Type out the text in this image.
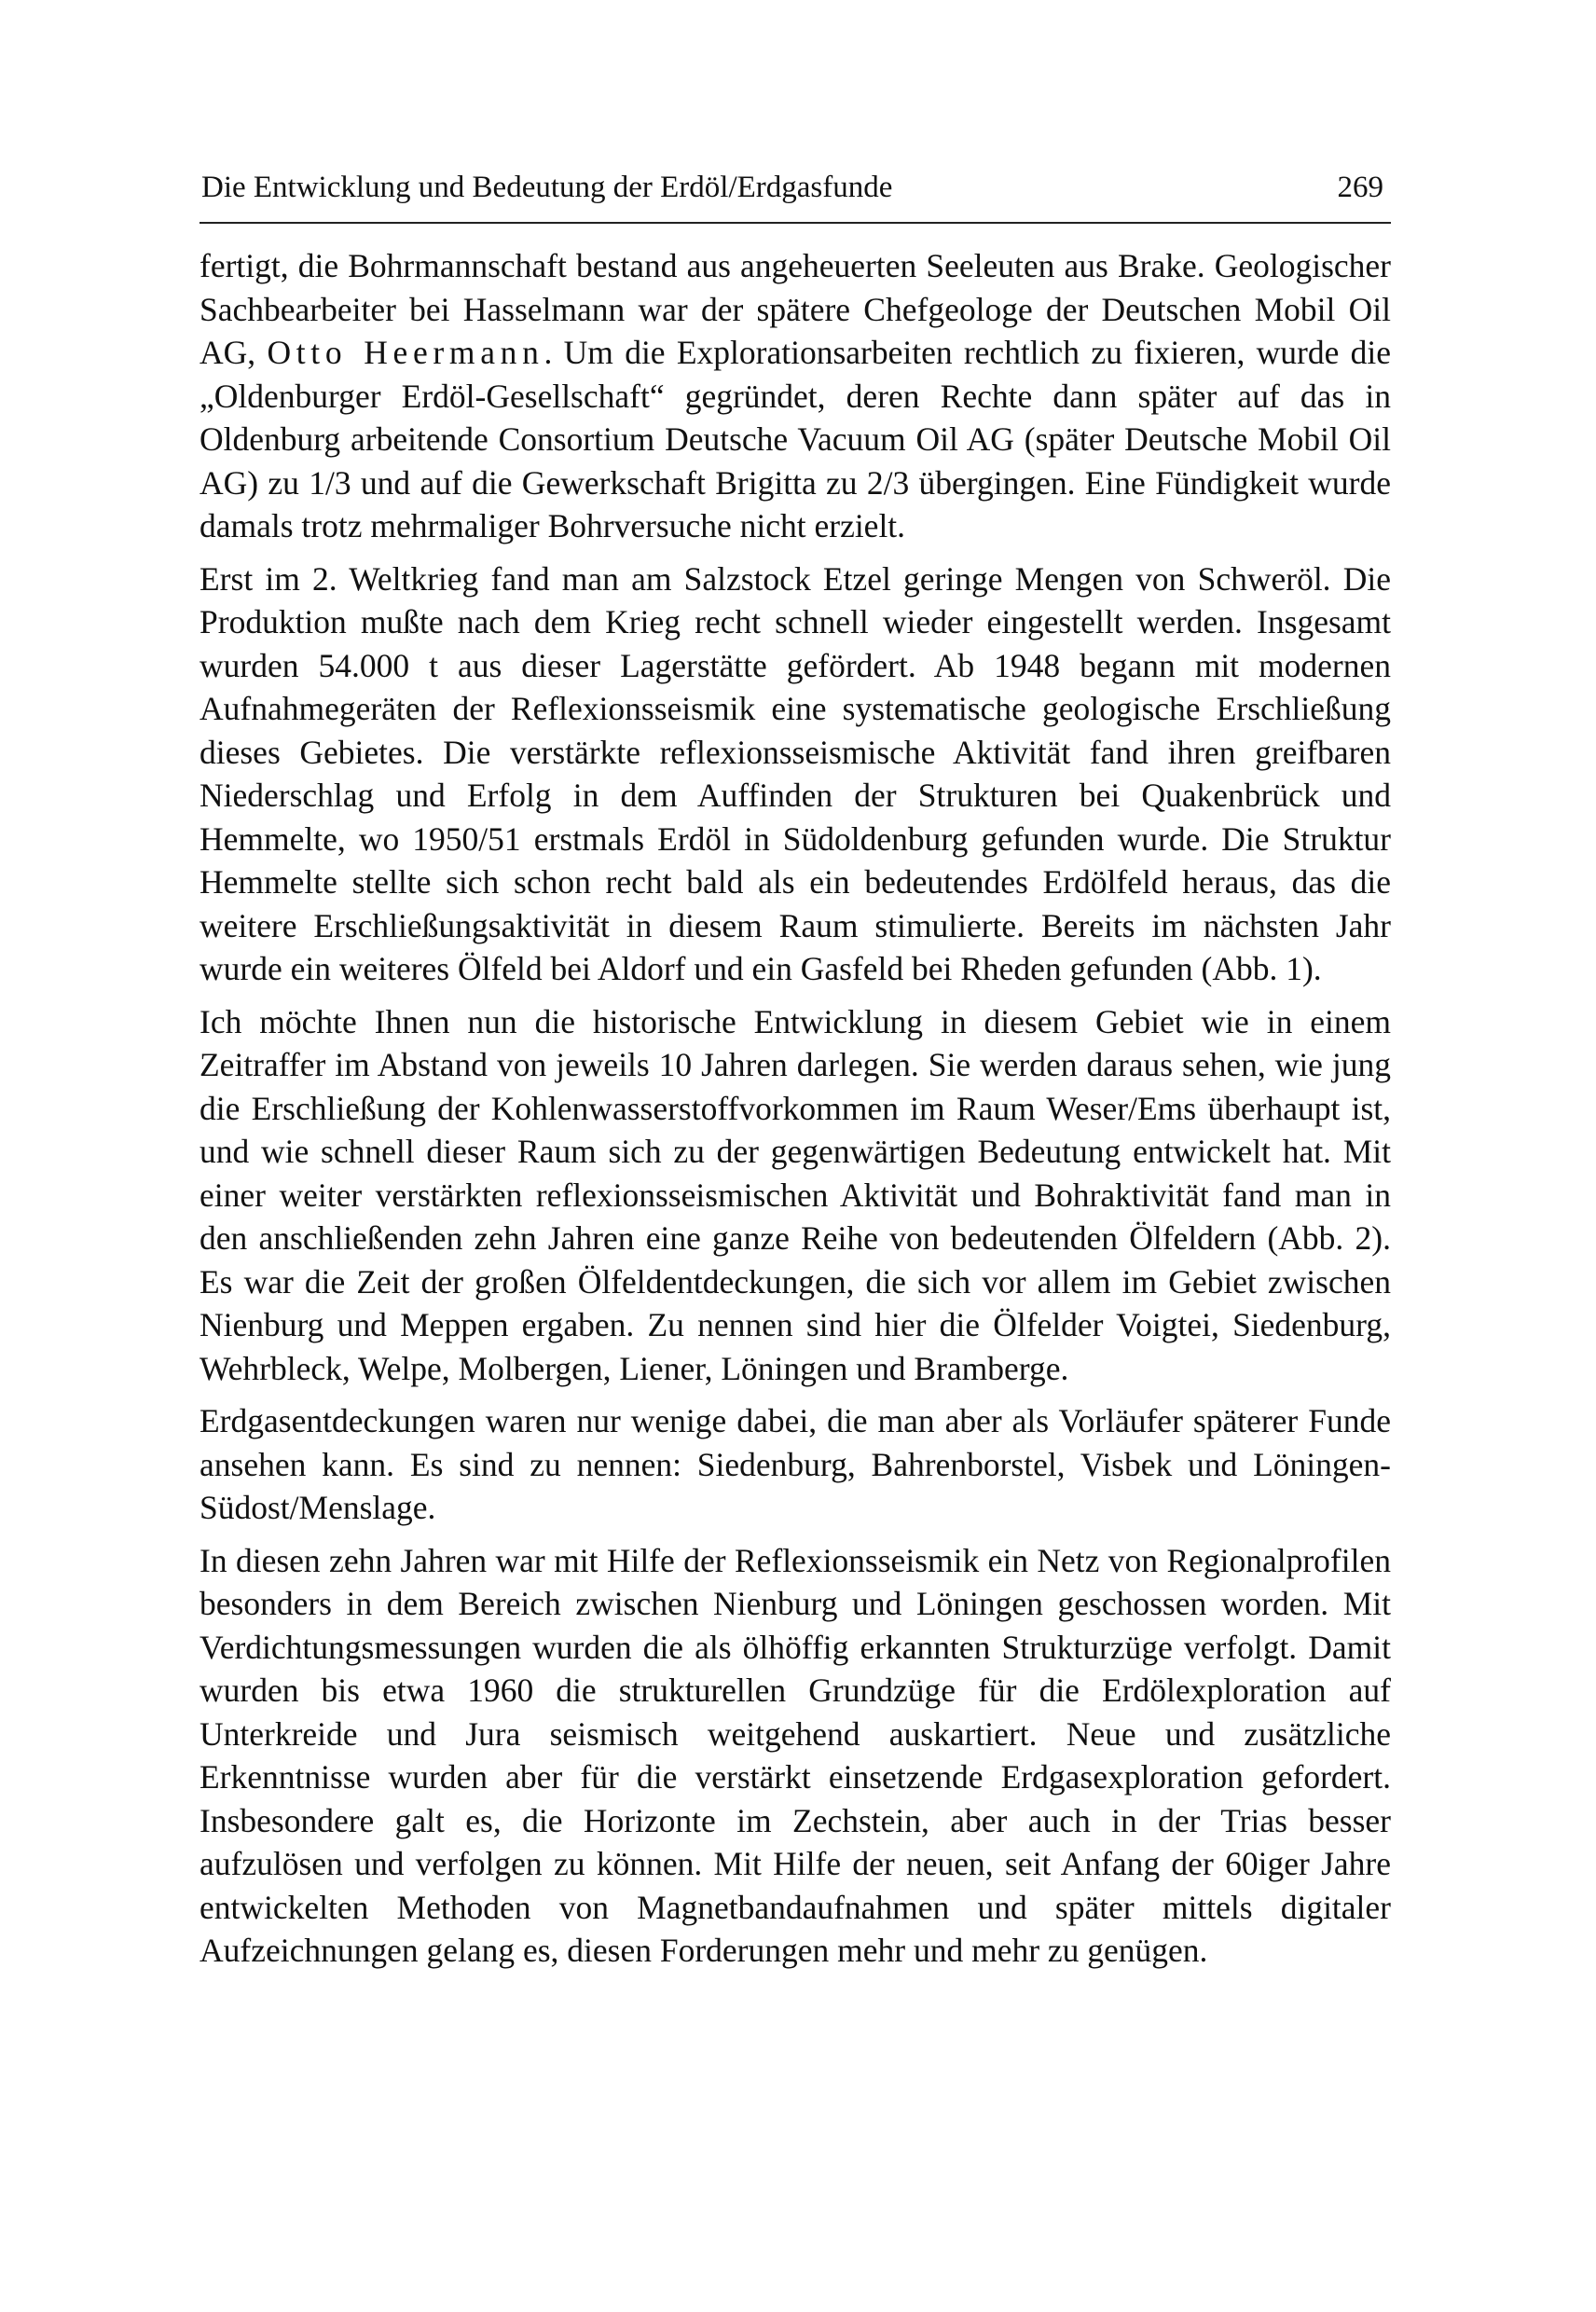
Die Entwicklung und Bedeutung der Erdöl/Erdgasfunde	269

fertigt, die Bohrmannschaft bestand aus angeheuerten Seeleuten aus Brake. Geologischer Sachbearbeiter bei Hasselmann war der spätere Chefgeologe der Deutschen Mobil Oil AG, Otto Heermann. Um die Explorationsarbeiten rechtlich zu fixieren, wurde die „Oldenburger Erdöl-Gesellschaft“ gegründet, deren Rechte dann später auf das in Oldenburg arbeitende Consortium Deutsche Vacuum Oil AG (später Deutsche Mobil Oil AG) zu 1/3 und auf die Gewerkschaft Brigitta zu 2/3 übergingen. Eine Fündigkeit wurde damals trotz mehrmaliger Bohrversuche nicht erzielt.

Erst im 2. Weltkrieg fand man am Salzstock Etzel geringe Mengen von Schweröl. Die Produktion mußte nach dem Krieg recht schnell wieder eingestellt werden. Insgesamt wurden 54.000 t aus dieser Lagerstätte gefördert. Ab 1948 begann mit modernen Aufnahmegeräten der Reflexionsseismik eine systematische geologische Erschließung dieses Gebietes. Die verstärkte reflexionsseismische Aktivität fand ihren greifbaren Niederschlag und Erfolg in dem Auffinden der Strukturen bei Quakenbrück und Hemmelte, wo 1950/51 erstmals Erdöl in Südoldenburg gefunden wurde. Die Struktur Hemmelte stellte sich schon recht bald als ein bedeutendes Erdölfeld heraus, das die weitere Erschließungsaktivität in diesem Raum stimulierte. Bereits im nächsten Jahr wurde ein weiteres Ölfeld bei Aldorf und ein Gasfeld bei Rheden gefunden (Abb. 1).

Ich möchte Ihnen nun die historische Entwicklung in diesem Gebiet wie in einem Zeitraffer im Abstand von jeweils 10 Jahren darlegen. Sie werden daraus sehen, wie jung die Erschließung der Kohlenwasserstoffvorkommen im Raum Weser/Ems überhaupt ist, und wie schnell dieser Raum sich zu der gegenwärtigen Bedeutung entwickelt hat. Mit einer weiter verstärkten reflexionsseismischen Aktivität und Bohraktivität fand man in den anschließenden zehn Jahren eine ganze Reihe von bedeutenden Ölfeldern (Abb. 2). Es war die Zeit der großen Ölfeldentdeckungen, die sich vor allem im Gebiet zwischen Nienburg und Meppen ergaben. Zu nennen sind hier die Ölfelder Voigtei, Siedenburg, Wehrbleck, Welpe, Molbergen, Liener, Löningen und Bramberge.

Erdgasentdeckungen waren nur wenige dabei, die man aber als Vorläufer späterer Funde ansehen kann. Es sind zu nennen: Siedenburg, Bahrenborstel, Visbek und Löningen-Südost/Menslage.

In diesen zehn Jahren war mit Hilfe der Reflexionsseismik ein Netz von Regionalprofilen besonders in dem Bereich zwischen Nienburg und Löningen geschossen worden. Mit Verdichtungsmessungen wurden die als ölhöffig erkannten Strukturzüge verfolgt. Damit wurden bis etwa 1960 die strukturellen Grundzüge für die Erdölexploration auf Unterkreide und Jura seismisch weitgehend auskartiert. Neue und zusätzliche Erkenntnisse wurden aber für die verstärkt einsetzende Erdgasexploration gefordert. Insbesondere galt es, die Horizonte im Zechstein, aber auch in der Trias besser aufzulösen und verfolgen zu können. Mit Hilfe der neuen, seit Anfang der 60iger Jahre entwickelten Methoden von Magnetbandaufnahmen und später mittels digitaler Aufzeichnungen gelang es, diesen Forderungen mehr und mehr zu genügen.
